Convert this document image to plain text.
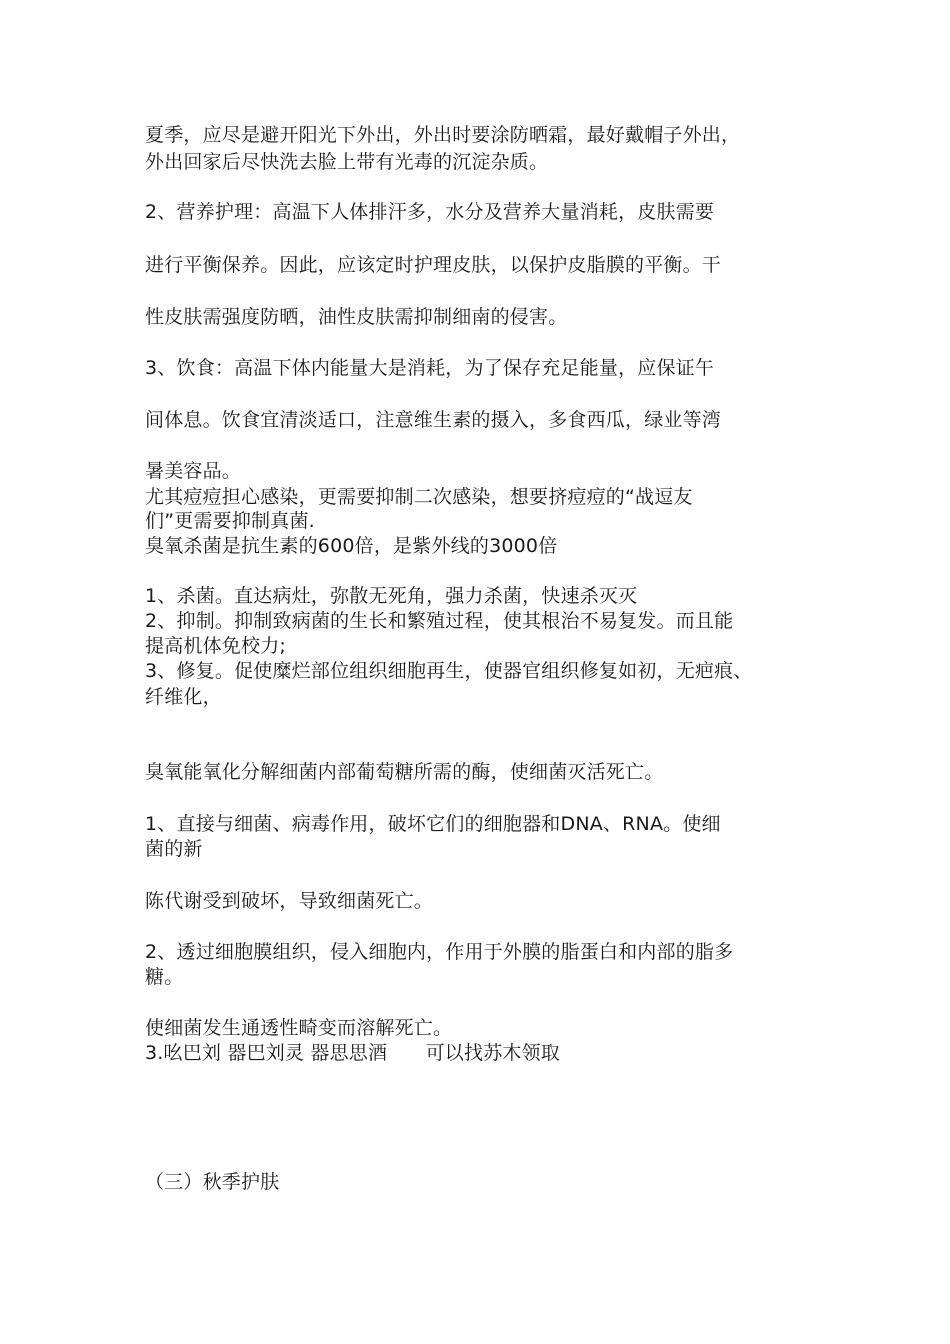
夏季，应尽是避开阳光下外出，外出时要涂防晒霜，最好戴帽子外出，
外出回家后尽快洗去脸上带有光毒的沉淀杂质。
2、营养护理：高温下人体排汗多，水分及营养大量消耗，皮肤需要
进行平衡保养。因此，应该定时护理皮肤，以保护皮脂膜的平衡。干
性皮肤需强度防晒，油性皮肤需抑制细南的侵害。
3、饮食：高温下体内能量大是消耗，为了保存充足能量，应保证午
间体息。饮食宜清淡适口，注意维生素的摄入，多食西瓜，绿业等湾
暑美容品。
尤其痘痘担心感染，更需要抑制二次感染，想要挤痘痘的“战逗友
们”更需要抑制真菌.
臭氧杀菌是抗生素的600倍，是紫外线的3000倍
1、杀菌。直达病灶，弥散无死角，强力杀菌，快速杀灭灭
2、抑制。抑制致病菌的生长和繁殖过程，使其根治不易复发。而且能
提高机体免校力;
3、修复。促使糜烂部位组织细胞再生，使器官组织修复如初，无疤痕、
纤维化，
臭氧能氧化分解细菌内部葡萄糖所需的酶，使细菌灭活死亡。
1、直接与细菌、病毒作用，破坏它们的细胞器和DNA、RNA。使细
菌的新
陈代谢受到破坏，导致细菌死亡。
2、透过细胞膜组织，侵入细胞内，作用于外膜的脂蛋白和内部的脂多
糖。
使细菌发生通透性畸变而溶解死亡。
3.吆巴刘 器巴刘灵 器思思酒　　可以找苏木领取
（三）秋季护肤
